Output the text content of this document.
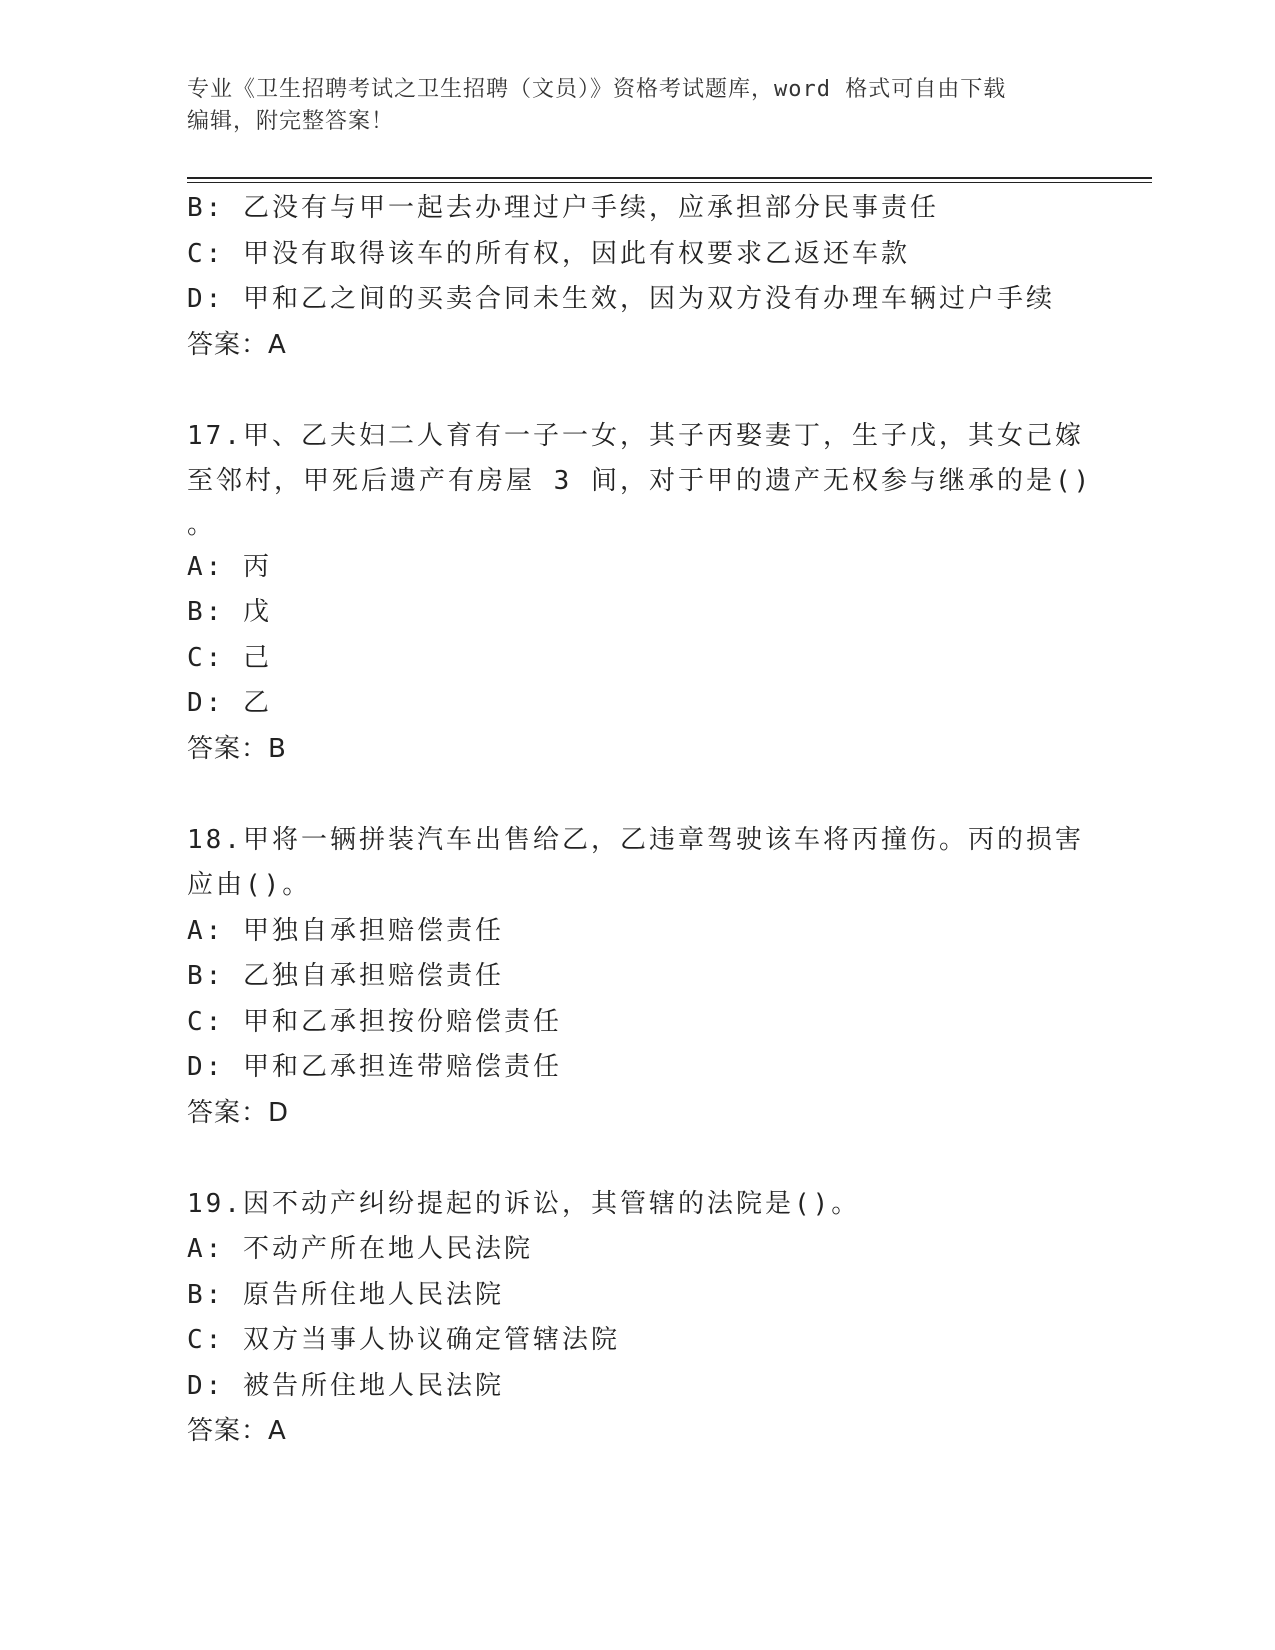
专业《卫生招聘考试之卫生招聘（文员）》资格考试题库，word 格式可自由下载
编辑，附完整答案！
B: 乙没有与甲一起去办理过户手续，应承担部分民事责任
C: 甲没有取得该车的所有权，因此有权要求乙返还车款
D: 甲和乙之间的买卖合同未生效，因为双方没有办理车辆过户手续
答案：A
17.甲、乙夫妇二人育有一子一女，其子丙娶妻丁，生子戊，其女己嫁
至邻村，甲死后遗产有房屋 3 间，对于甲的遗产无权参与继承的是()
。
A: 丙
B: 戊
C: 己
D: 乙
答案：B
18.甲将一辆拼装汽车出售给乙，乙违章驾驶该车将丙撞伤。丙的损害
应由()。
A: 甲独自承担赔偿责任
B: 乙独自承担赔偿责任
C: 甲和乙承担按份赔偿责任
D: 甲和乙承担连带赔偿责任
答案：D
19.因不动产纠纷提起的诉讼，其管辖的法院是()。
A: 不动产所在地人民法院
B: 原告所住地人民法院
C: 双方当事人协议确定管辖法院
D: 被告所住地人民法院
答案：A
